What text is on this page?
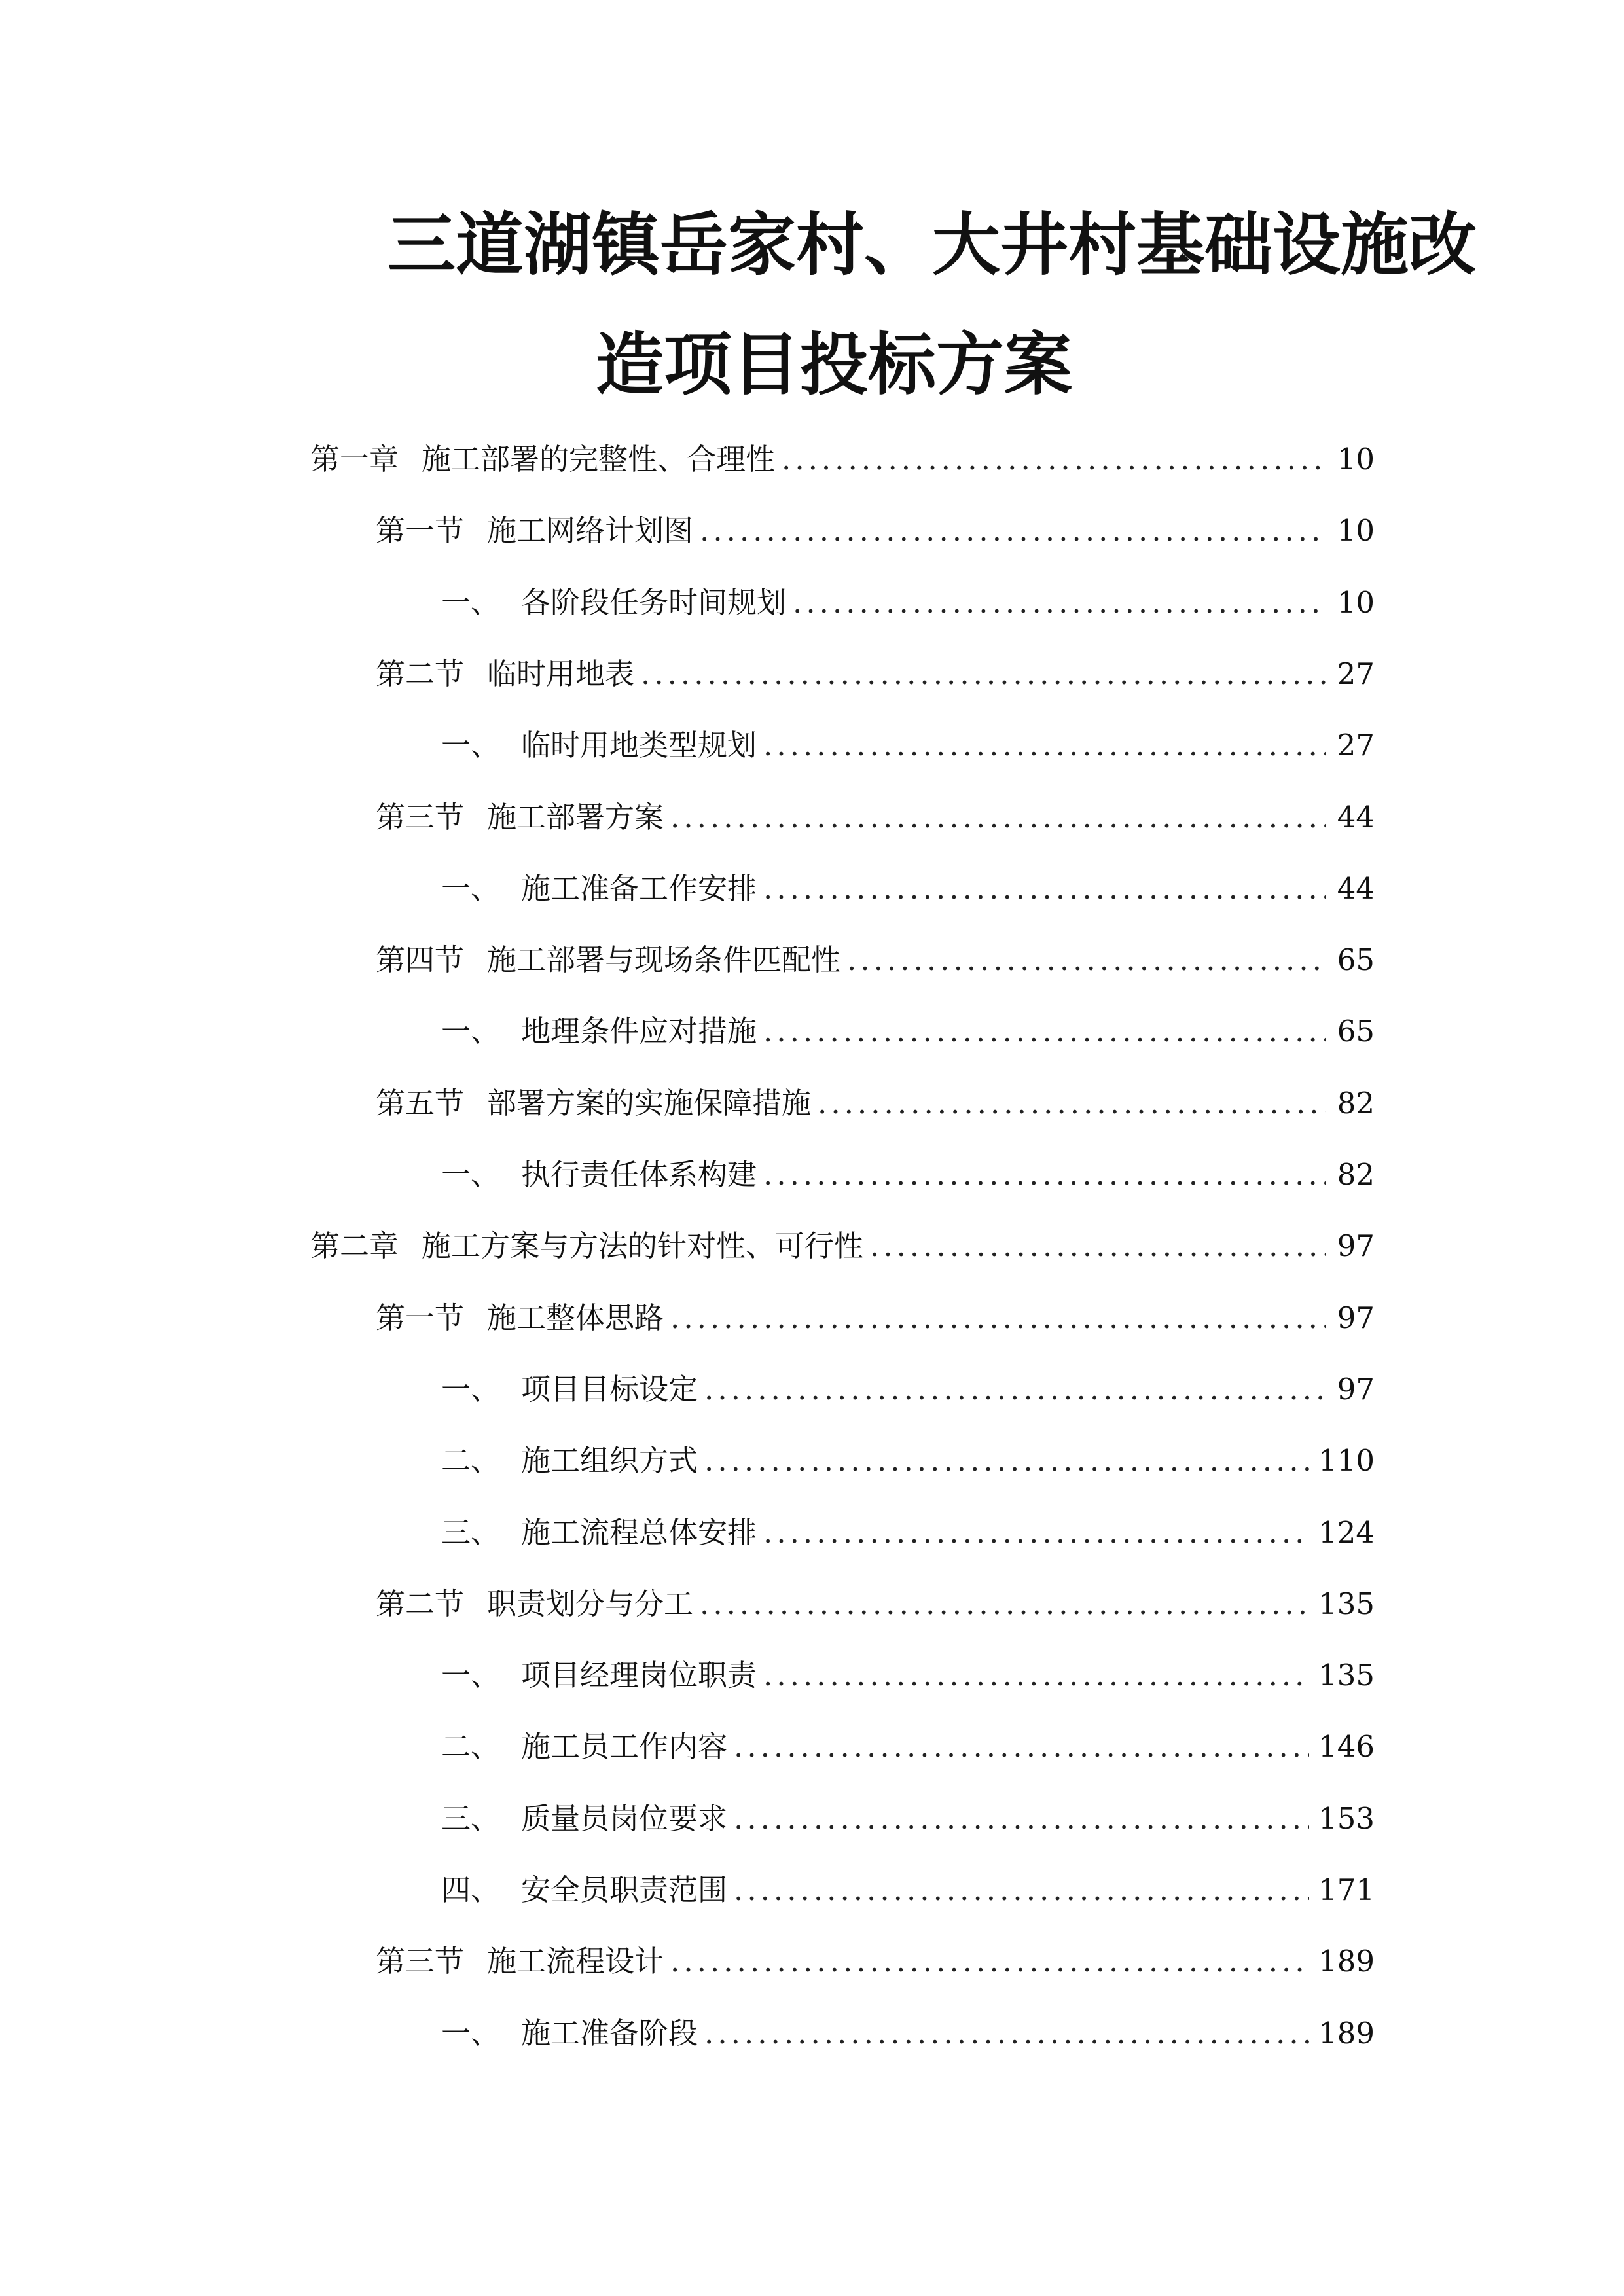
三道湖镇岳家村、大井村基础设施改
造项目投标方案
第一章 施工部署的完整性、合理性 .....	10
第一节 施工网络计划图 .....	10
一、 各阶段任务时间规划 .....	10
第二节 临时用地表 .....	27
一、 临时用地类型规划 .....	27
第三节 施工部署方案 .....	44
一、 施工准备工作安排 .....	44
第四节 施工部署与现场条件匹配性 .....	65
一、 地理条件应对措施 .....	65
第五节 部署方案的实施保障措施 .....	82
一、 执行责任体系构建 .....	82
第二章 施工方案与方法的针对性、可行性 .....	97
第一节 施工整体思路 .....	97
一、 项目目标设定 .....	97
二、 施工组织方式 .....	110
三、 施工流程总体安排 .....	124
第二节 职责划分与分工 .....	135
一、 项目经理岗位职责 .....	135
二、 施工员工作内容 .....	146
三、 质量员岗位要求 .....	153
四、 安全员职责范围 .....	171
第三节 施工流程设计 .....	189
一、 施工准备阶段 .....	189
